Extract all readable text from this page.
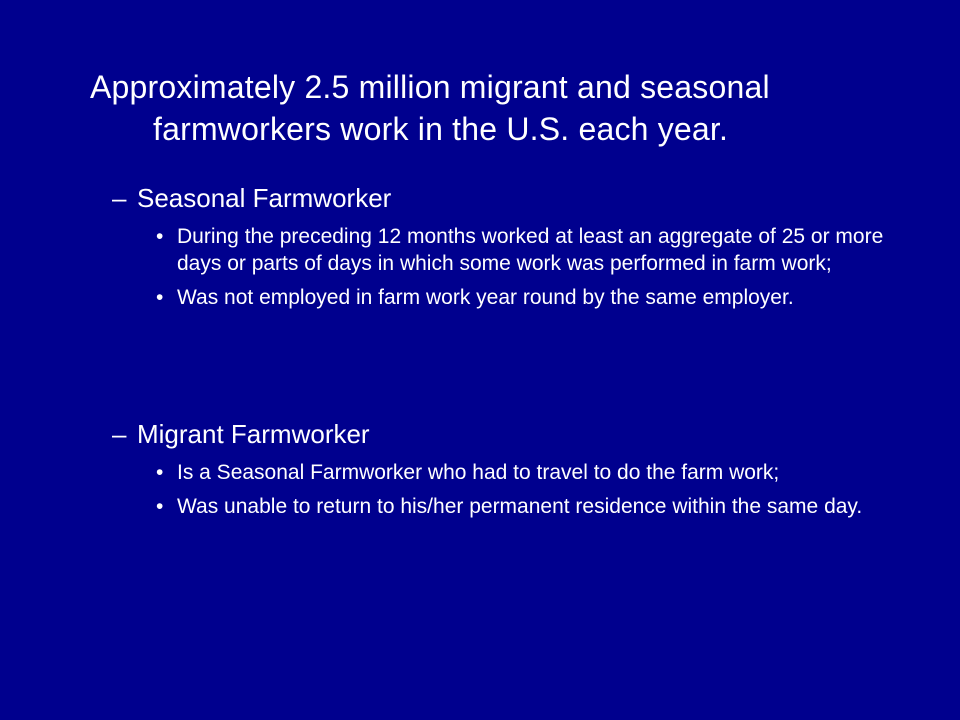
Approximately 2.5 million migrant and seasonal farmworkers work in the U.S. each year.
– Seasonal Farmworker
• During the preceding 12 months worked at least an aggregate of 25 or more days or parts of days in which some work was performed in farm work;
• Was not employed in farm work year round by the same employer.
– Migrant Farmworker
• Is a Seasonal Farmworker who had to travel to do the farm work;
• Was unable to return to his/her permanent residence within the same day.
